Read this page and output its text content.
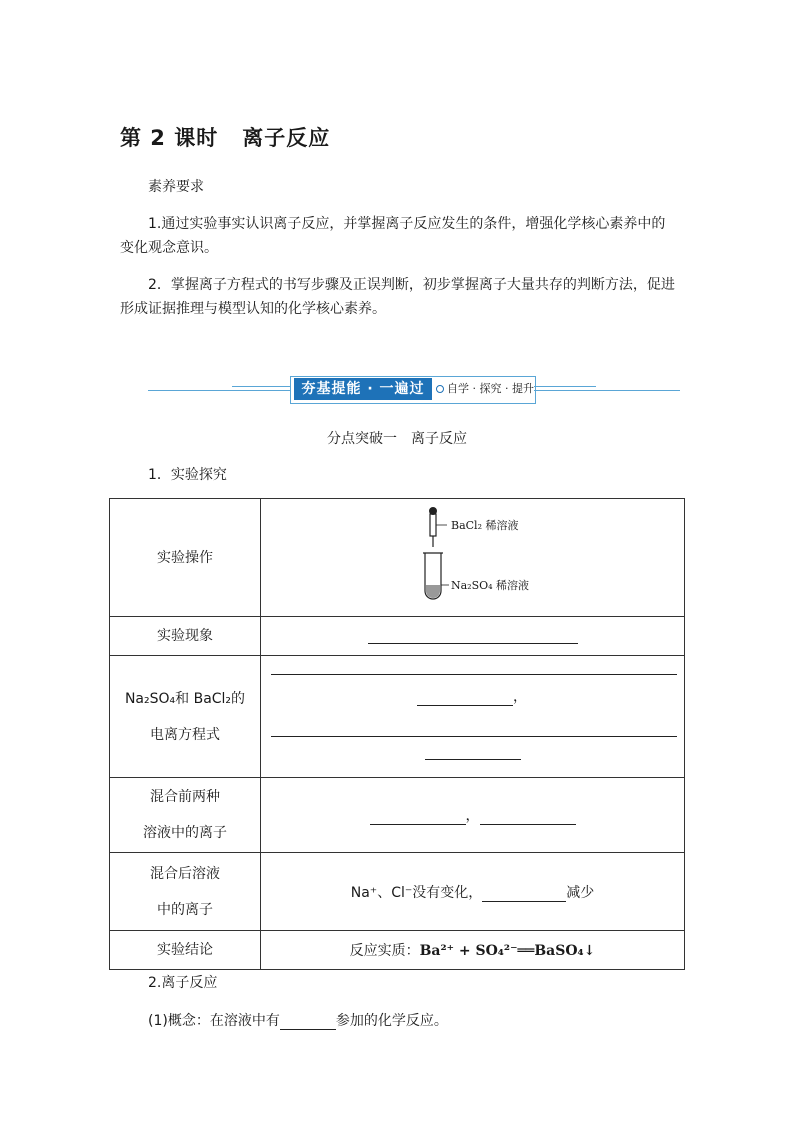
第 2 课时 离子反应
素养要求
1.通过实验事实认识离子反应，并掌握离子反应发生的条件，增强化学核心素养中的变化观念意识。
2．掌握离子方程式的书写步骤及正误判断，初步掌握离子大量共存的判断方法，促进形成证据推理与模型认知的化学核心素养。
夯基提能 · 一遍过	自学 · 探究 · 提升
分点突破一 离子反应
1．实验探究
实验操作	BaCl₂ 稀溶液
Na₂SO₄ 稀溶液

实验现象	

Na₂SO₄和 BaCl₂的
电离方程式	，

混合前两种
溶液中的离子	，

混合后溶液
中的离子	Na⁺、Cl⁻没有变化， 减少
实验结论	反应实质：Ba²⁺ + SO₄²⁻══BaSO₄↓
2.离子反应
(1)概念：在溶液中有	参加的化学反应。
